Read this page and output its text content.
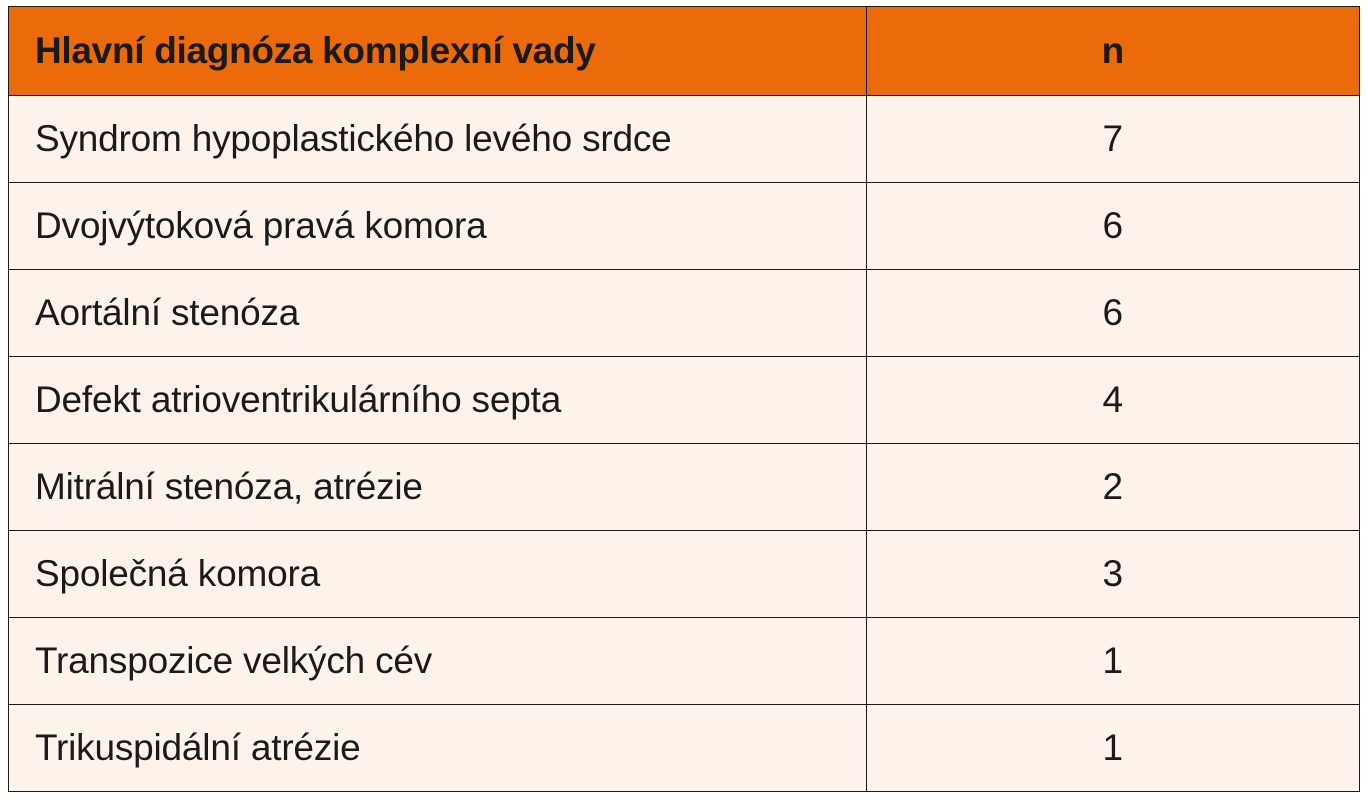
Hlavní diagnóza komplexní vady	n
Syndrom hypoplastického levého srdce	7
Dvojvýtoková pravá komora	6
Aortální stenóza	6
Defekt atrioventrikulárního septa	4
Mitrální stenóza, atrézie	2
Společná komora	3
Transpozice velkých cév	1
Trikuspidální atrézie	1
